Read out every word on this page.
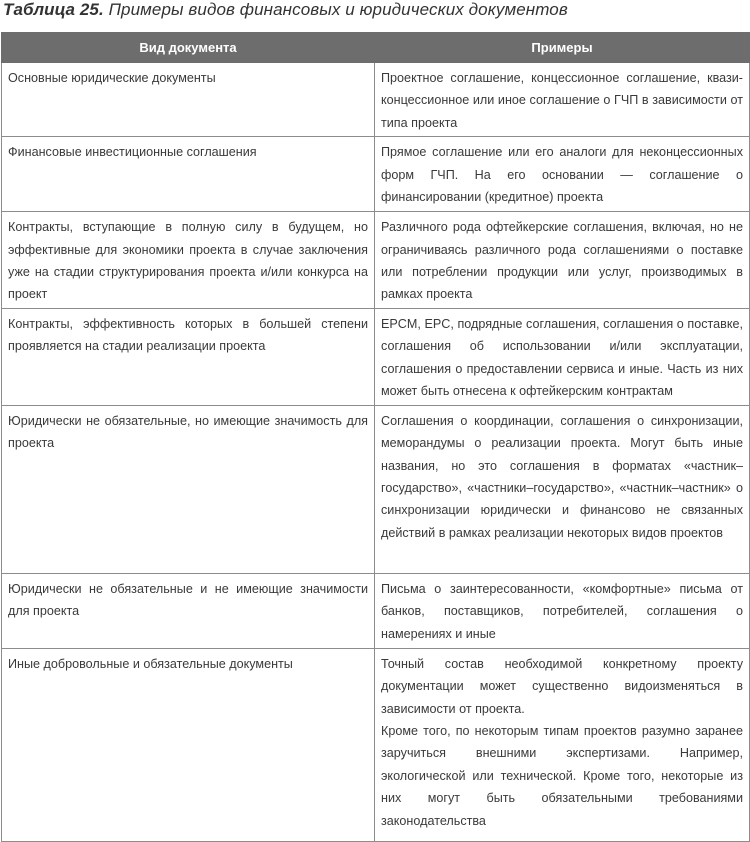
Таблица 25. Примеры видов финансовых и юридических документов
Вид документа	Примеры
Основные юридические документы	Проектное соглашение, концессионное соглашение, квази-концессионное или иное соглашение о ГЧП в зависимости от типа проекта

Финансовые инвестиционные соглашения	Прямое соглашение или его аналоги для неконцессионных форм ГЧП. На его основании — соглашение о финансировании (кредитное) проекта

Контракты, вступающие в полную силу в будущем, но эффективные для экономики проекта в случае заключения уже на стадии структурирования проекта и/или конкурса на проект	Различного рода офтейкерские соглашения, включая, но не ограничиваясь различного рода соглашениями о поставке или потреблении продукции или услуг, производимых в рамках проекта

Контракты, эффективность которых в большей степени проявляется на стадии реализации проекта	EPCM, EPC, подрядные соглашения, соглашения о поставке, соглашения об использовании и/или эксплуатации, соглашения о предоставлении сервиса и иные. Часть из них может быть отнесена к офтейкерским контрактам

Юридически не обязательные, но имеющие значимость для проекта	Соглашения о координации, соглашения о синхронизации, меморандумы о реализации проекта. Могут быть иные названия, но это соглашения в форматах «частник–государство», «частники–государство», «частник–частник» о синхронизации юридически и финансово не связанных действий в рамках реализации некоторых видов проектов

Юридически не обязательные и не имеющие значимости для проекта	Письма о заинтересованности, «комфортные» письма от банков, поставщиков, потребителей, соглашения о намерениях и иные

Иные добровольные и обязательные документы	Точный состав необходимой конкретному проекту документации может существенно видоизменяться в зависимости от проекта.

Кроме того, по некоторым типам проектов разумно заранее заручиться внешними экспертизами. Например, экологической или технической. Кроме того, некоторые из них могут быть обязательными требованиями законодательства
